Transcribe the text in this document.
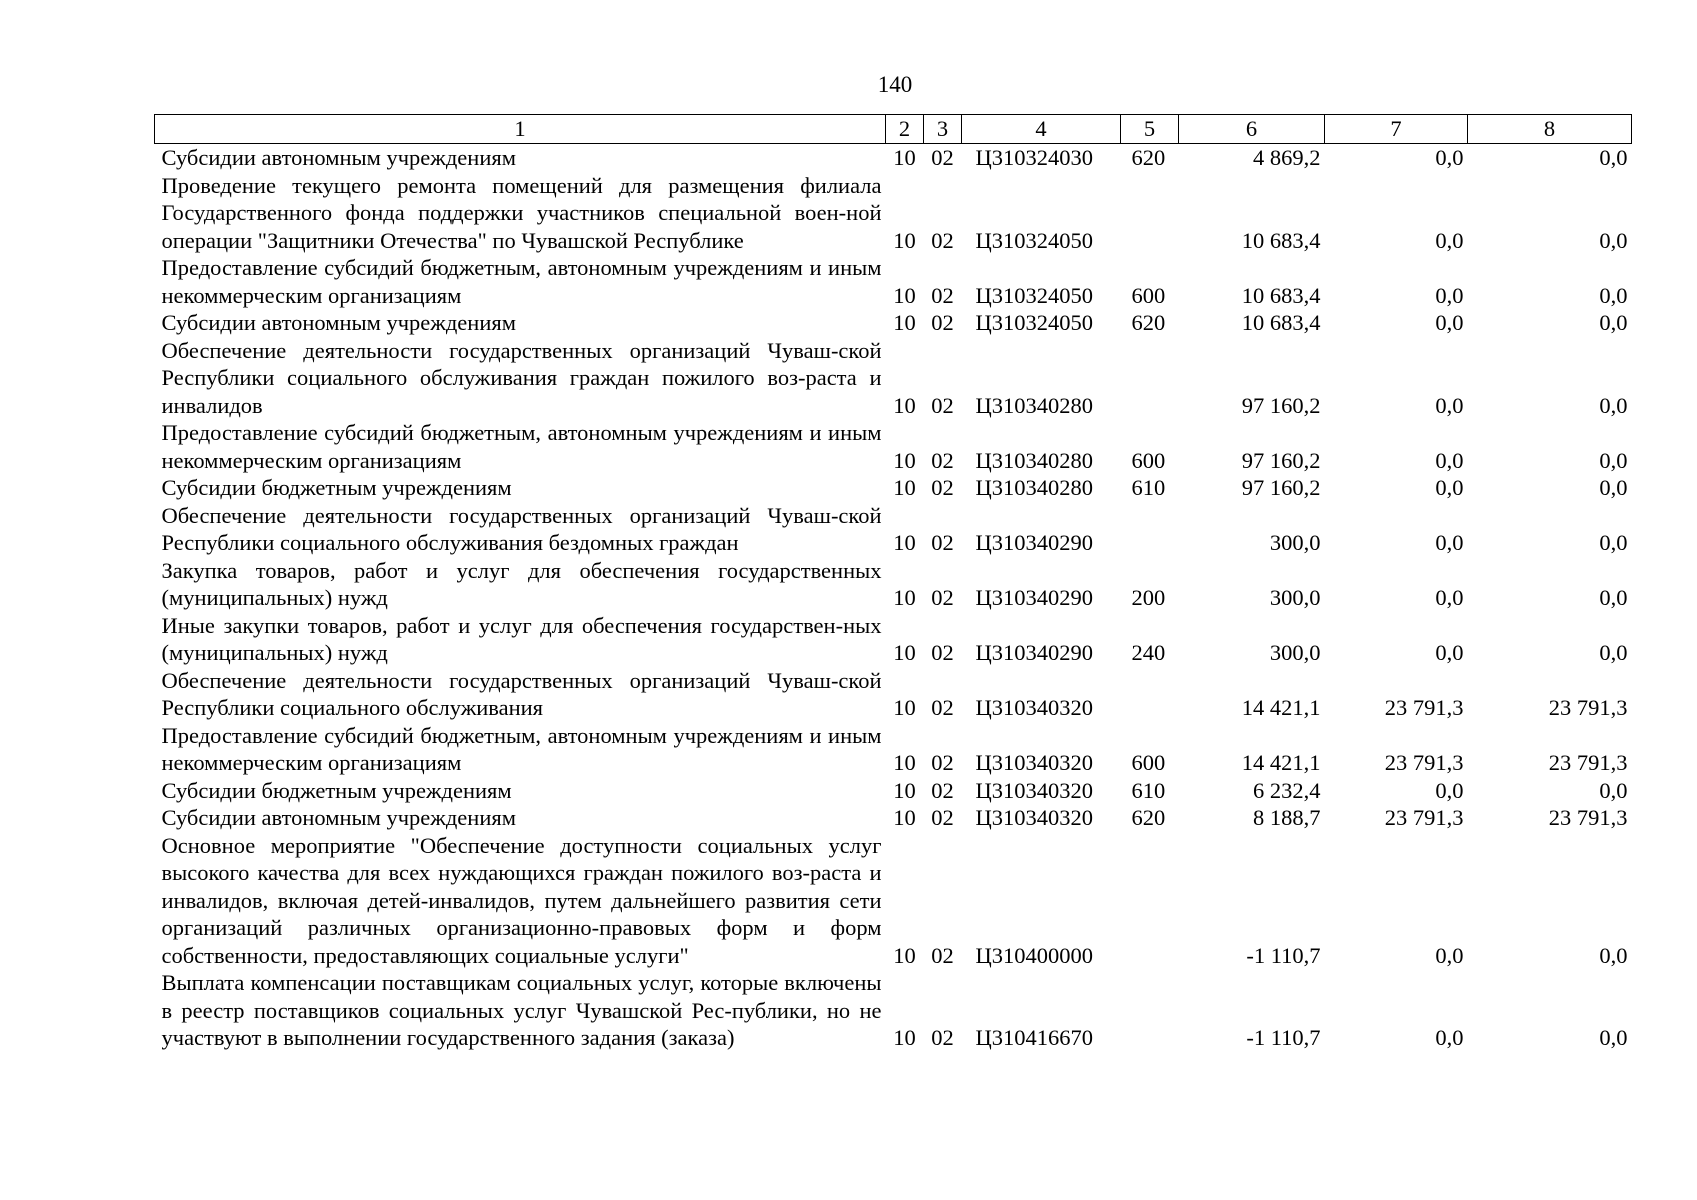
140
1	2	3	4	5	6	7	8
Субсидии автономным учреждениям	10	02	Ц310324030	620	4 869,2	0,0	0,0
Проведение текущего ремонта помещений для размещения филиала Государственного фонда поддержки участников специальной воен-ной операции "Защитники Отечества" по Чувашской Республике	10	02	Ц310324050		10 683,4	0,0	0,0
Предоставление субсидий бюджетным, автономным учреждениям и иным некоммерческим организациям	10	02	Ц310324050	600	10 683,4	0,0	0,0
Субсидии автономным учреждениям	10	02	Ц310324050	620	10 683,4	0,0	0,0
Обеспечение деятельности государственных организаций Чуваш-ской Республики социального обслуживания граждан пожилого воз-раста и инвалидов	10	02	Ц310340280		97 160,2	0,0	0,0
Предоставление субсидий бюджетным, автономным учреждениям и иным некоммерческим организациям	10	02	Ц310340280	600	97 160,2	0,0	0,0
Субсидии бюджетным учреждениям	10	02	Ц310340280	610	97 160,2	0,0	0,0
Обеспечение деятельности государственных организаций Чуваш-ской Республики социального обслуживания бездомных граждан	10	02	Ц310340290		300,0	0,0	0,0
Закупка товаров, работ и услуг для обеспечения государственных (муниципальных) нужд	10	02	Ц310340290	200	300,0	0,0	0,0
Иные закупки товаров, работ и услуг для обеспечения государствен-ных (муниципальных) нужд	10	02	Ц310340290	240	300,0	0,0	0,0
Обеспечение деятельности государственных организаций Чуваш-ской Республики социального обслуживания	10	02	Ц310340320		14 421,1	23 791,3	23 791,3
Предоставление субсидий бюджетным, автономным учреждениям и иным некоммерческим организациям	10	02	Ц310340320	600	14 421,1	23 791,3	23 791,3
Субсидии бюджетным учреждениям	10	02	Ц310340320	610	6 232,4	0,0	0,0
Субсидии автономным учреждениям	10	02	Ц310340320	620	8 188,7	23 791,3	23 791,3
Основное мероприятие "Обеспечение доступности социальных услуг высокого качества для всех нуждающихся граждан пожилого воз-раста и инвалидов, включая детей-инвалидов, путем дальнейшего развития сети организаций различных организационно-правовых форм и форм собственности, предоставляющих социальные услуги"	10	02	Ц310400000		-1 110,7	0,0	0,0
Выплата компенсации поставщикам социальных услуг, которые включены в реестр поставщиков социальных услуг Чувашской Рес-публики, но не участвуют в выполнении государственного задания (заказа)	10	02	Ц310416670		-1 110,7	0,0	0,0
